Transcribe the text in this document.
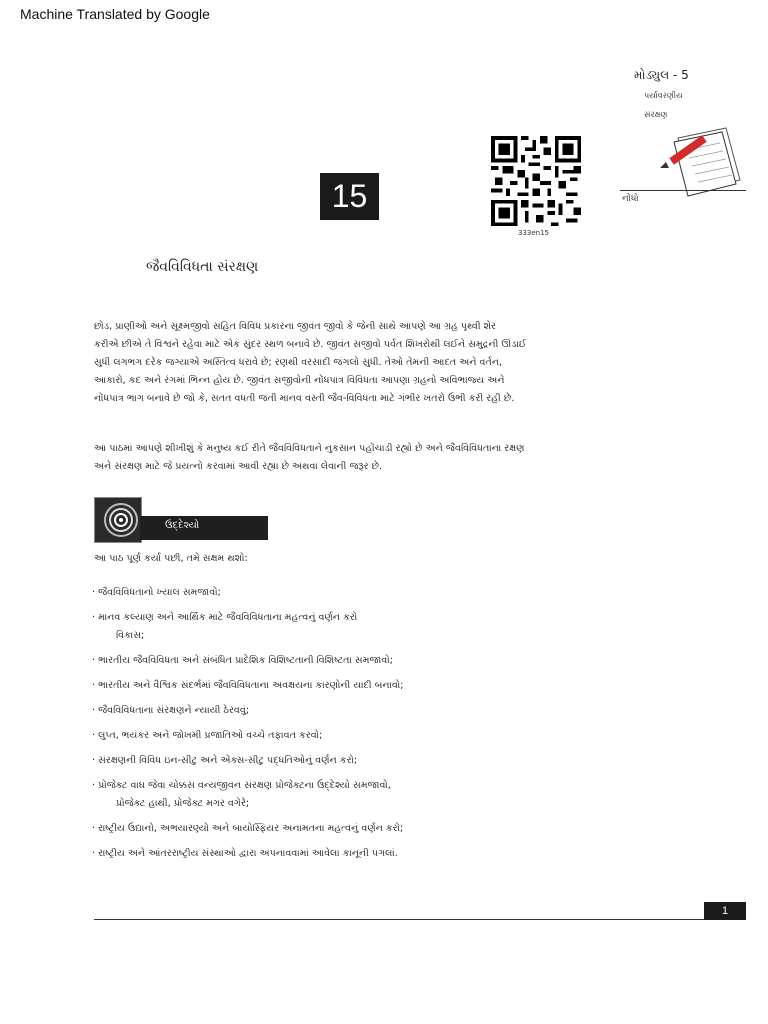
Machine Translated by Google
મોડ્યુલ - 5
પર્યાવરણીય
સંરક્ષણ
નોંધો
333en15
15
જૈવવિવિધતા સંરક્ષણ
છોડ, પ્રાણીઓ અને સૂક્ષ્મજીવો સહિત વિવિધ પ્રકારના જીવંત જીવો કે જેની સાથે આપણે આ ગ્રહ પૃથ્વી શેર
કરીએ છીએ તે વિશ્વને રહેવા માટે એક સુંદર સ્થળ બનાવે છે. જીવંત સજીવો પર્વત શિખરોથી લઈને સમુદ્રની ઊંડાઈ
સુધી લગભગ દરેક જગ્યાએ અસ્તિત્વ ધરાવે છે; રણથી વરસાદી જંગલો સુધી. તેઓ તેમની આદત અને વર્તન,
આકારો, કદ અને રંગમાં ભિન્ન હોય છે. જીવંત સજીવોની નોંધપાત્ર વિવિધતા આપણા ગ્રહનો અવિભાજ્ય અને
નોંધપાત્ર ભાગ બનાવે છે જો કે, સતત વધતી જતી માનવ વસ્તી જૈવ-વિવિધતા માટે ગંભીર ખતરો ઉભી કરી રહી છે.
આ પાઠમાં આપણે શીખીશું કે મનુષ્ય કઈ રીતે જૈવવિવિધતાને નુકસાન પહોંચાડી રહ્યો છે અને જૈવવિવિધતાના રક્ષણ
અને સંરક્ષણ માટે જે પ્રયત્નો કરવામાં આવી રહ્યા છે અથવા લેવાની જરૂર છે.
ઉદ્દેશ્યો
આ પાઠ પૂર્ણ કર્યા પછી, તમે સક્ષમ થશો:
· જૈવવિવિધતાનો ખ્યાલ સમજાવો;
· માનવ કલ્યાણ અને આર્થિક માટે જૈવવિવિધતાના મહત્વનું વર્ણન કરો
વિકાસ;
· ભારતીય જૈવવિવિધતા અને સંબંધિત પ્રાદેશિક વિશિષ્ટતાની વિશિષ્ટતા સમજાવો;
· ભારતીય અને વૈશ્વિક સંદર્ભમાં જૈવવિવિધતાના અવક્ષયના કારણોની યાદી બનાવો;
· જૈવવિવિધતાના સંરક્ષણને ન્યાયી ઠેરવવું;
· લુપ્ત, ભયંકર અને જોખમી પ્રજાતિઓ વચ્ચે તફાવત કરવો;
· સંરક્ષણની વિવિધ ઇન-સીટુ અને એક્સ-સીટુ પદ્ધતિઓનું વર્ણન કરો;
· પ્રોજેક્ટ વાઘ જેવા ચોક્કસ વન્યજીવન સંરક્ષણ પ્રોજેક્ટના ઉદ્દેશ્યો સમજાવો,
પ્રોજેક્ટ હાથી, પ્રોજેક્ટ મગર વગેરે;
· રાષ્ટ્રીય ઉદ્યાનો, અભયારણ્યો અને બાયોસ્ફિયર અનામતના મહત્વનું વર્ણન કરો;
· રાષ્ટ્રીય અને આંતરરાષ્ટ્રીય સંસ્થાઓ દ્વારા અપનાવવામાં આવેલા કાનૂની પગલાં.
1
